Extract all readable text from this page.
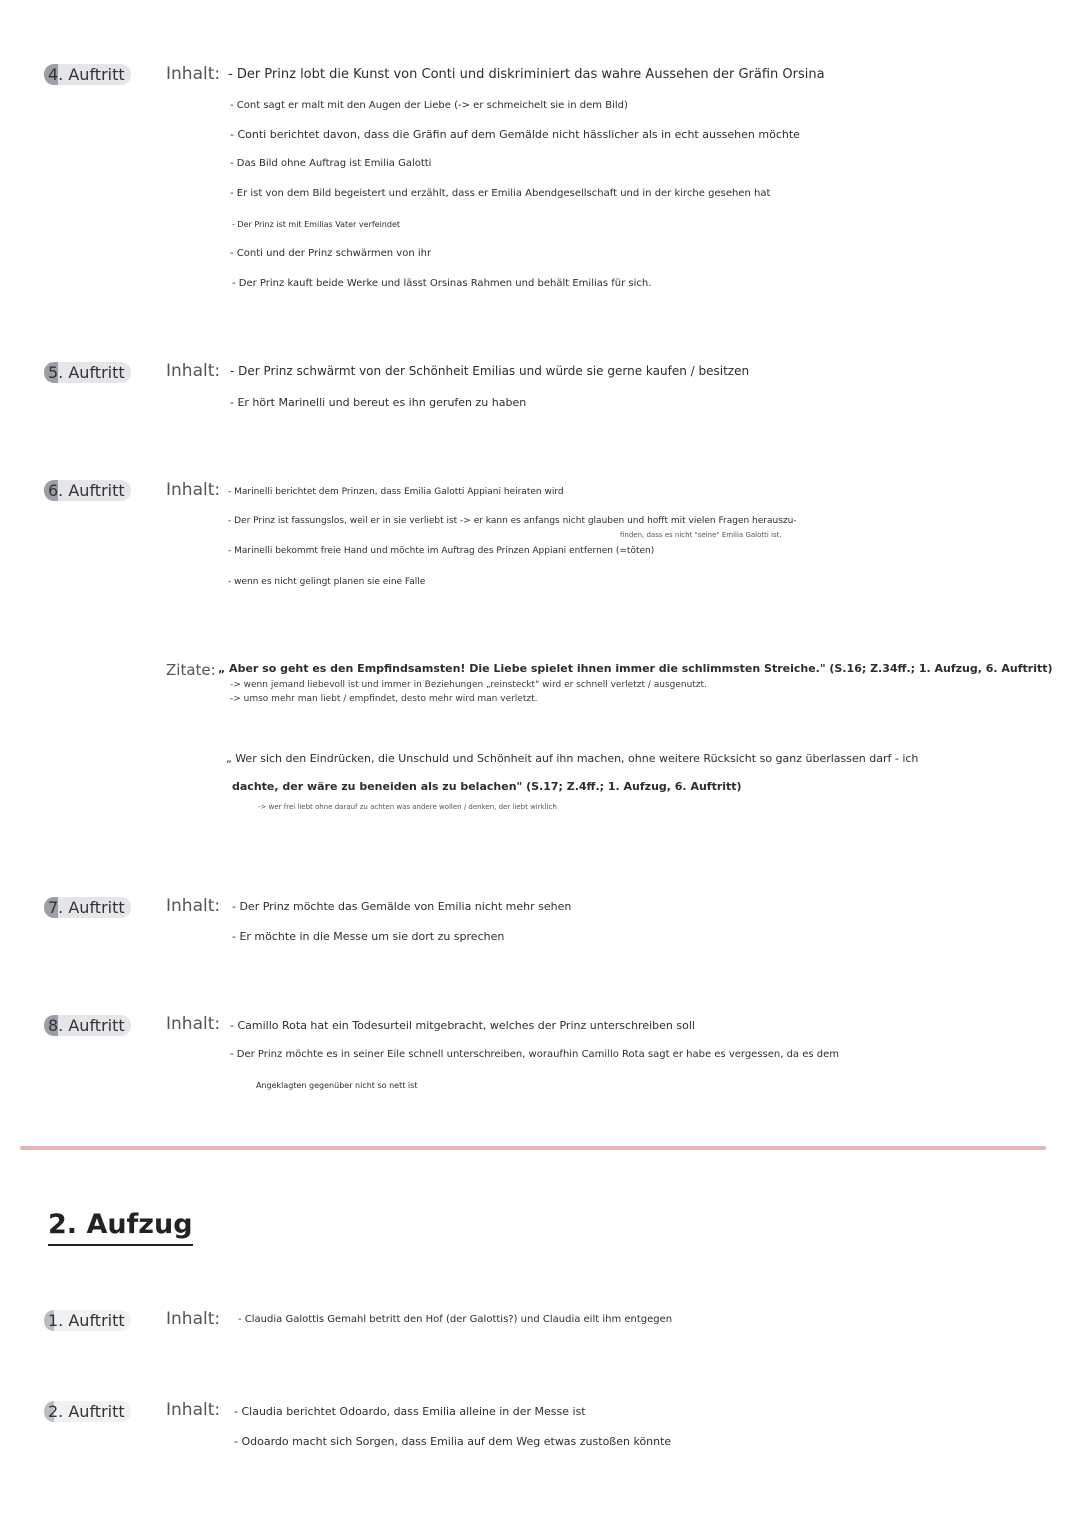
4. Auftritt	Inhalt: - Der Prinz lobt die Kunst von Conti und diskriminiert das wahre Aussehen der Gräfin Orsina
- Cont sagt er malt mit den Augen der Liebe (-> er schmeichelt sie in dem Bild)
- Conti berichtet davon, dass die Gräfin auf dem Gemälde nicht hässlicher als in echt aussehen möchte
- Das Bild ohne Auftrag ist Emilia Galotti
- Er ist von dem Bild begeistert und erzählt, dass er Emilia Abendgesellschaft und in der kirche gesehen hat
- Der Prinz ist mit Emilias Vater verfeindet
- Conti und der Prinz schwärmen von ihr
- Der Prinz kauft beide Werke und lässt Orsinas Rahmen und behält Emilias für sich.
5. Auftritt	Inhalt: - Der Prinz schwärmt von der Schönheit Emilias und würde sie gerne kaufen / besitzen
- Er hört Marinelli und bereut es ihn gerufen zu haben
6. Auftritt	Inhalt: - Marinelli berichtet dem Prinzen, dass Emilia Galotti Appiani heiraten wird
- Der Prinz ist fassungslos, weil er in sie verliebt ist -> er kann es anfangs nicht glauben und hofft mit vielen Fragen herauszu-
finden, dass es nicht "seine" Emilia Galotti ist.
- Marinelli bekommt freie Hand und möchte im Auftrag des Prinzen Appiani entfernen (=töten)
- wenn es nicht gelingt planen sie eine Falle
Zitate: „ Aber so geht es den Empfindsamsten! Die Liebe spielet ihnen immer die schlimmsten Streiche." (S.16; Z.34ff.; 1. Aufzug, 6. Auftritt)
-> wenn jemand liebevoll ist und immer in Beziehungen „reinsteckt" wird er schnell verletzt / ausgenutzt.
-> umso mehr man liebt / empfindet, desto mehr wird man verletzt.
„ Wer sich den Eindrücken, die Unschuld und Schönheit auf ihn machen, ohne weitere Rücksicht so ganz überlassen darf - ich
dachte, der wäre zu beneiden als zu belachen" (S.17; Z.4ff.; 1. Aufzug, 6. Auftritt)
-> wer frei liebt ohne darauf zu achten was andere wollen / denken, der liebt wirklich
7. Auftritt	Inhalt: - Der Prinz möchte das Gemälde von Emilia nicht mehr sehen
- Er möchte in die Messe um sie dort zu sprechen
8. Auftritt	Inhalt: - Camillo Rota hat ein Todesurteil mitgebracht, welches der Prinz unterschreiben soll
- Der Prinz möchte es in seiner Eile schnell unterschreiben, woraufhin Camillo Rota sagt er habe es vergessen, da es dem
Angeklagten gegenüber nicht so nett ist
2. Aufzug
1. Auftritt	Inhalt: - Claudia Galottis Gemahl betritt den Hof (der Galottis?) und Claudia eilt ihm entgegen
2. Auftritt	Inhalt: - Claudia berichtet Odoardo, dass Emilia alleine in der Messe ist
- Odoardo macht sich Sorgen, dass Emilia auf dem Weg etwas zustoßen könnte
